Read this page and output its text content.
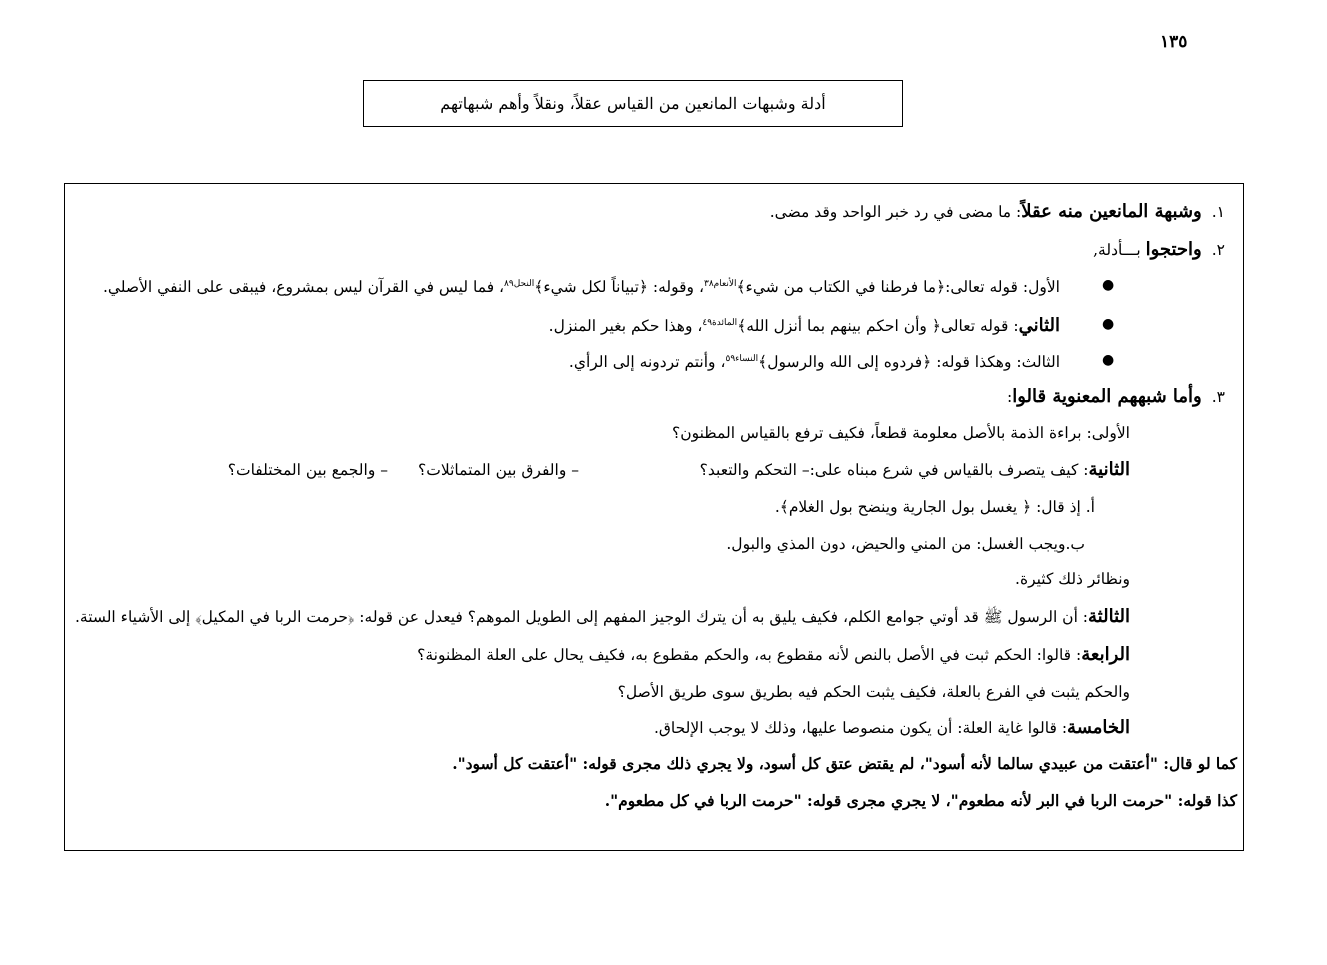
١٣٥
أدلة وشبهات المانعين من القياس عقلاً، ونقلاً وأهم شبهاتهم
١.وشبهة المانعين منه عقلاً: ما مضى في رد خبر الواحد وقد مضى.
٢.واحتجوا بـــأدلة,
●
الأول: قوله تعالى:﴿ما فرطنا في الكتاب من شيء﴾$^{الأنعام٣٨}$، وقوله: ﴿تبياناً لكل شيء﴾$^{النحل٨٩}$، فما ليس في القرآن ليس بمشروع، فيبقى على النفي الأصلي.
●
الثاني: قوله تعالى﴿ وأن احكم بينهم بما أنزل الله﴾$^{المائدة٤٩}$، وهذا حكم بغير المنزل.
●
الثالث: وهكذا قوله: ﴿فردوه إلى الله والرسول﴾$^{النساء٥٩}$، وأنتم تردونه إلى الرأي.
٣.وأما شبههم المعنوية قالوا:
الأولى: براءة الذمة بالأصل معلومة قطعاً، فكيف ترفع بالقياس المظنون؟
الثانية: كيف يتصرف بالقياس في شرع مبناه على:– التحكم والتعبد؟
– والفرق بين المتماثلات؟
– والجمع بين المختلفات؟
أ. إذ قال: ﴿ يغسل بول الجارية وينضح بول الغلام﴾.
ب.ويجب الغسل: من المني والحيض، دون المذي والبول.
ونظائر ذلك كثيرة.
الثالثة: أن الرسول ﷺ قد أوتي جوامع الكلم، فكيف يليق به أن يترك الوجيز المفهم إلى الطويل الموهم؟ فيعدل عن قوله: ﴿حرمت الربا في المكيل﴾ إلى الأشياء الستة.
الرابعة: قالوا: الحكم ثبت في الأصل بالنص لأنه مقطوع به، والحكم مقطوع به، فكيف يحال على العلة المظنونة؟
والحكم يثبت في الفرع بالعلة، فكيف يثبت الحكم فيه بطريق سوى طريق الأصل؟
الخامسة: قالوا غاية العلة: أن يكون منصوصا عليها، وذلك لا يوجب الإلحاق.
كما لو قال: "أعتقت من عبيدي سالما لأنه أسود"، لم يقتض عتق كل أسود، ولا يجري ذلك مجرى قوله: "أعتقت كل أسود".
كذا قوله: "حرمت الربا في البر لأنه مطعوم"، لا يجري مجرى قوله: "حرمت الربا في كل مطعوم".
